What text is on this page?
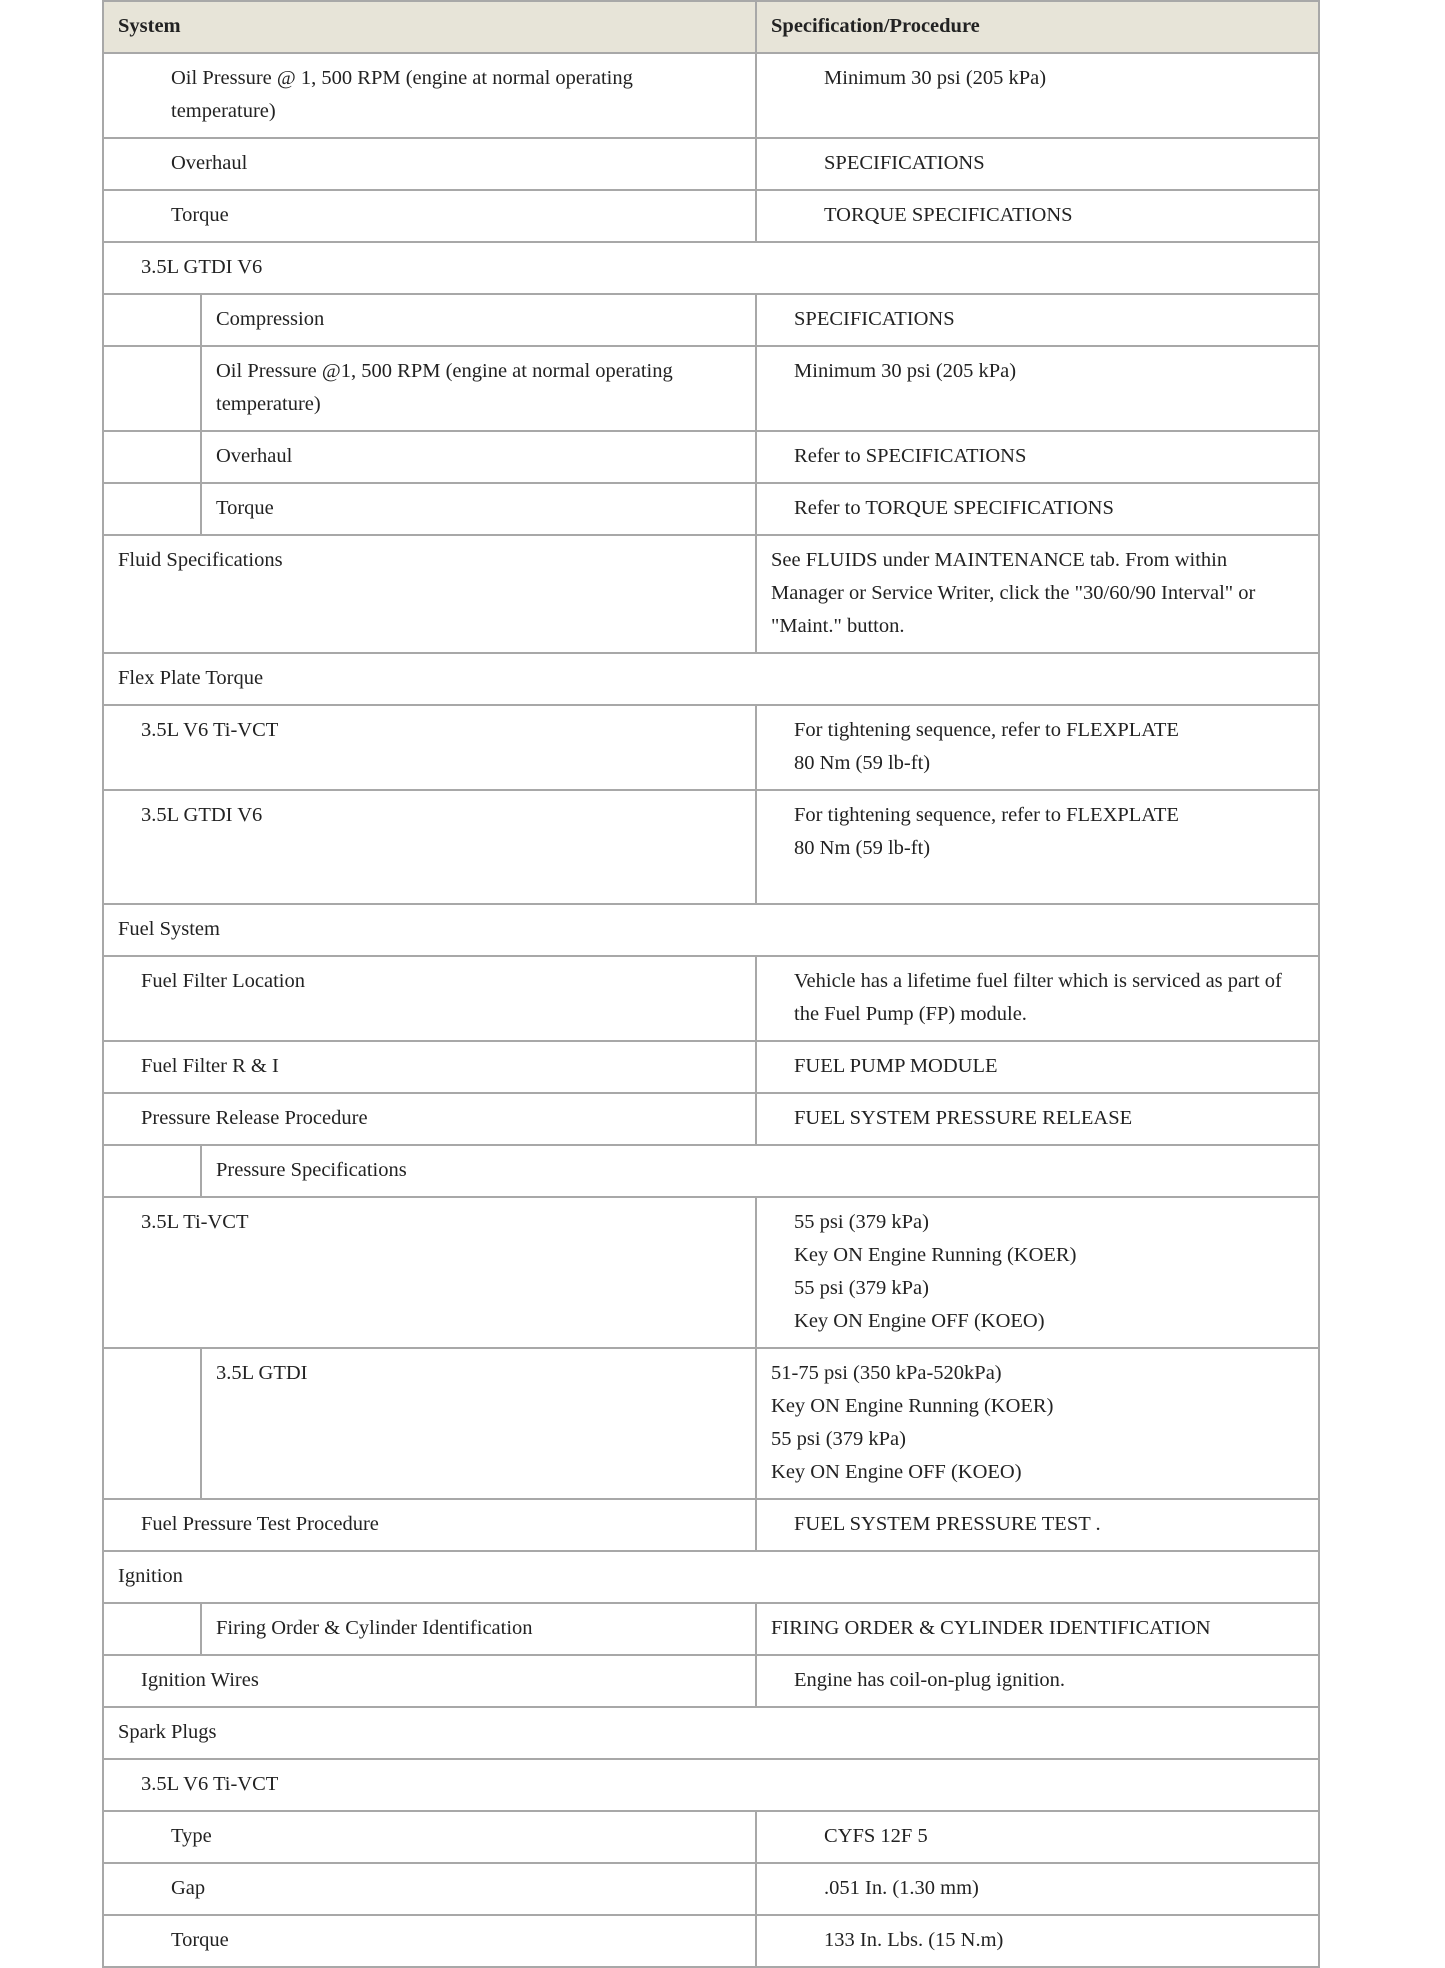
System		Specification/Procedure
Oil Pressure @ 1, 500 RPM (engine at normal operating temperature)		Minimum 30 psi (205 kPa)

Overhaul		SPECIFICATIONS

Torque		TORQUE SPECIFICATIONS

3.5L GTDI V6		
	Compression	SPECIFICATIONS

	Oil Pressure @1, 500 RPM (engine at normal operating temperature)	Minimum 30 psi (205 kPa)

	Overhaul	Refer to SPECIFICATIONS

	Torque	Refer to TORQUE SPECIFICATIONS

Fluid Specifications		See FLUIDS under MAINTENANCE tab. From within Manager or Service Writer, click the "30/60/90 Interval" or "Maint." button.

Flex Plate Torque		
3.5L V6 Ti-VCT		For tightening sequence, refer to FLEXPLATE
80 Nm (59 lb-ft)

3.5L GTDI V6		For tightening sequence, refer to FLEXPLATE
80 Nm (59 lb-ft)

Fuel System		
Fuel Filter Location		Vehicle has a lifetime fuel filter which is serviced as part of the Fuel Pump (FP) module.

Fuel Filter R & I		FUEL PUMP MODULE

Pressure Release Procedure		FUEL SYSTEM PRESSURE RELEASE

	Pressure Specifications	
3.5L Ti-VCT		55 psi (379 kPa)
Key ON Engine Running (KOER)
55 psi (379 kPa)
Key ON Engine OFF (KOEO)

	3.5L GTDI	51-75 psi (350 kPa-520kPa)
Key ON Engine Running (KOER)
55 psi (379 kPa)
Key ON Engine OFF (KOEO)

Fuel Pressure Test Procedure		FUEL SYSTEM PRESSURE TEST .

Ignition		
	Firing Order & Cylinder Identification	FIRING ORDER & CYLINDER IDENTIFICATION

Ignition Wires		Engine has coil-on-plug ignition.

Spark Plugs		
3.5L V6 Ti-VCT		
Type		CYFS 12F 5

Gap		.051 In. (1.30 mm)

Torque		133 In. Lbs. (15 N.m)
